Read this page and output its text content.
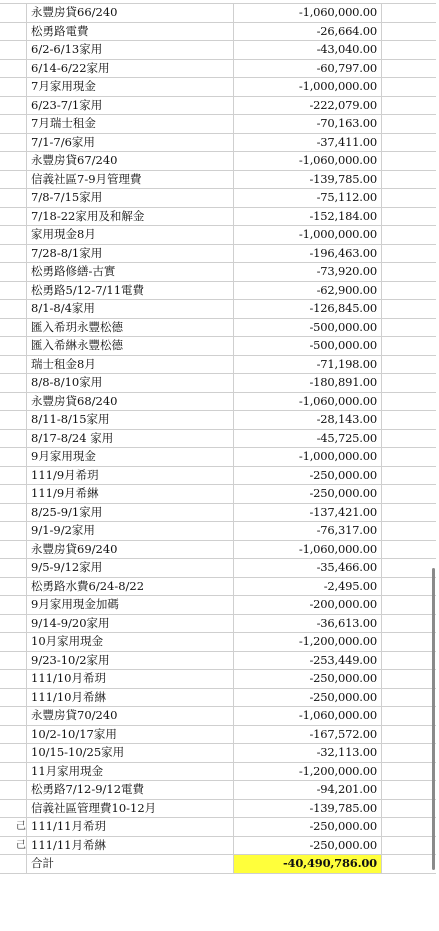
	永豐房貸66/240	-1,060,000.00	
	松勇路電費	-26,664.00	
	6/2-6/13家用	-43,040.00	
	6/14-6/22家用	-60,797.00	
	7月家用現金	-1,000,000.00	
	6/23-7/1家用	-222,079.00	
	7月瑞士租金	-70,163.00	
	7/1-7/6家用	-37,411.00	
	永豐房貸67/240	-1,060,000.00	
	信義社區7-9月管理費	-139,785.00	
	7/8-7/15家用	-75,112.00	
	7/18-22家用及和解金	-152,184.00	
	家用現金8月	-1,000,000.00	
	7/28-8/1家用	-196,463.00	
	松勇路修繕-古實	-73,920.00	
	松勇路5/12-7/11電費	-62,900.00	
	8/1-8/4家用	-126,845.00	
	匯入希玥永豐松德	-500,000.00	
	匯入希綝永豐松德	-500,000.00	
	瑞士租金8月	-71,198.00	
	8/8-8/10家用	-180,891.00	
	永豐房貸68/240	-1,060,000.00	
	8/11-8/15家用	-28,143.00	
	8/17-8/24 家用	-45,725.00	
	9月家用現金	-1,000,000.00	
	111/9月希玥	-250,000.00	
	111/9月希綝	-250,000.00	
	8/25-9/1家用	-137,421.00	
	9/1-9/2家用	-76,317.00	
	永豐房貸69/240	-1,060,000.00	
	9/5-9/12家用	-35,466.00	
	松勇路水費6/24-8/22	-2,495.00	
	9月家用現金加碼	-200,000.00	
	9/14-9/20家用	-36,613.00	
	10月家用現金	-1,200,000.00	
	9/23-10/2家用	-253,449.00	
	111/10月希玥	-250,000.00	
	111/10月希綝	-250,000.00	
	永豐房貸70/240	-1,060,000.00	
	10/2-10/17家用	-167,572.00	
	10/15-10/25家用	-32,113.00	
	11月家用現金	-1,200,000.00	
	松勇路7/12-9/12電費	-94,201.00	
	信義社區管理費10-12月	-139,785.00	
己	111/11月希玥	-250,000.00	
己	111/11月希綝	-250,000.00	
	合計	-40,490,786.00	
